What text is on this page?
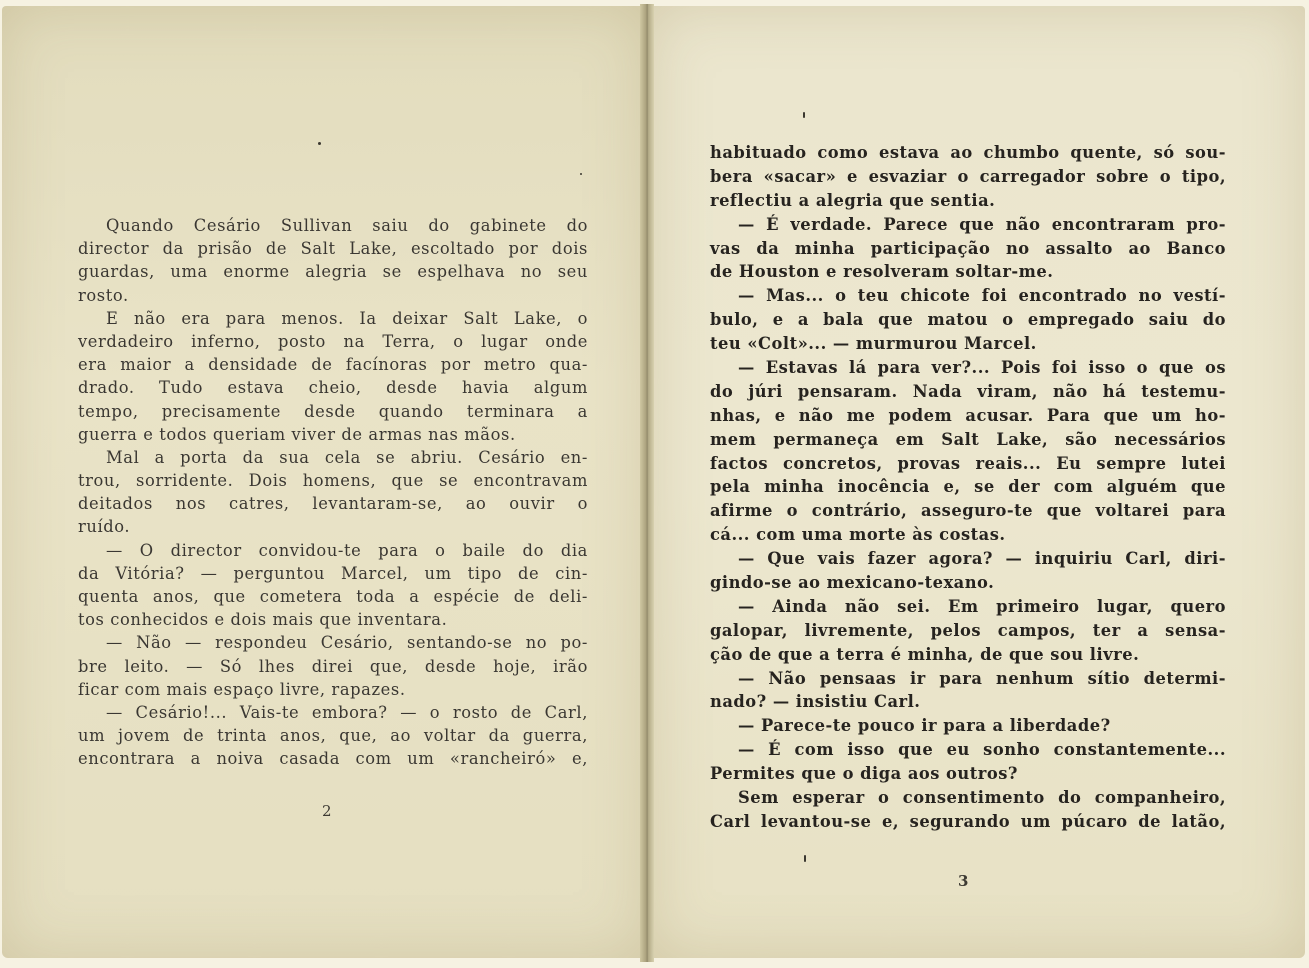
Quando Cesário Sullivan saiu do gabinete do
director da prisão de Salt Lake, escoltado por dois
guardas, uma enorme alegria se espelhava no seu
rosto.
E não era para menos. Ia deixar Salt Lake, o
verdadeiro inferno, posto na Terra, o lugar onde
era maior a densidade de facínoras por metro qua-
drado. Tudo estava cheio, desde havia algum
tempo, precisamente desde quando terminara a
guerra e todos queriam viver de armas nas mãos.
Mal a porta da sua cela se abriu. Cesário en-
trou, sorridente. Dois homens, que se encontravam
deitados nos catres, levantaram-se, ao ouvir o
ruído.
— O director convidou-te para o baile do dia
da Vitória? — perguntou Marcel, um tipo de cin-
quenta anos, que cometera toda a espécie de deli-
tos conhecidos e dois mais que inventara.
— Não — respondeu Cesário, sentando-se no po-
bre leito. — Só lhes direi que, desde hoje, irão
ficar com mais espaço livre, rapazes.
— Cesário!... Vais-te embora? — o rosto de Carl,
um jovem de trinta anos, que, ao voltar da guerra,
encontrara a noiva casada com um «rancheiró» e,
habituado como estava ao chumbo quente, só sou-
bera «sacar» e esvaziar o carregador sobre o tipo,
reflectiu a alegria que sentia.
— É verdade. Parece que não encontraram pro-
vas da minha participação no assalto ao Banco
de Houston e resolveram soltar-me.
— Mas... o teu chicote foi encontrado no vestí-
bulo, e a bala que matou o empregado saiu do
teu «Colt»... — murmurou Marcel.
— Estavas lá para ver?... Pois foi isso o que os
do júri pensaram. Nada viram, não há testemu-
nhas, e não me podem acusar. Para que um ho-
mem permaneça em Salt Lake, são necessários
factos concretos, provas reais... Eu sempre lutei
pela minha inocência e, se der com alguém que
afirme o contrário, asseguro-te que voltarei para
cá... com uma morte às costas.
— Que vais fazer agora? — inquiriu Carl, diri-
gindo-se ao mexicano-texano.
— Ainda não sei. Em primeiro lugar, quero
galopar, livremente, pelos campos, ter a sensa-
ção de que a terra é minha, de que sou livre.
— Não pensaas ir para nenhum sítio determi-
nado? — insistiu Carl.
— Parece-te pouco ir para a liberdade?
— É com isso que eu sonho constantemente...
Permites que o diga aos outros?
Sem esperar o consentimento do companheiro,
Carl levantou-se e, segurando um púcaro de latão,
2
3
